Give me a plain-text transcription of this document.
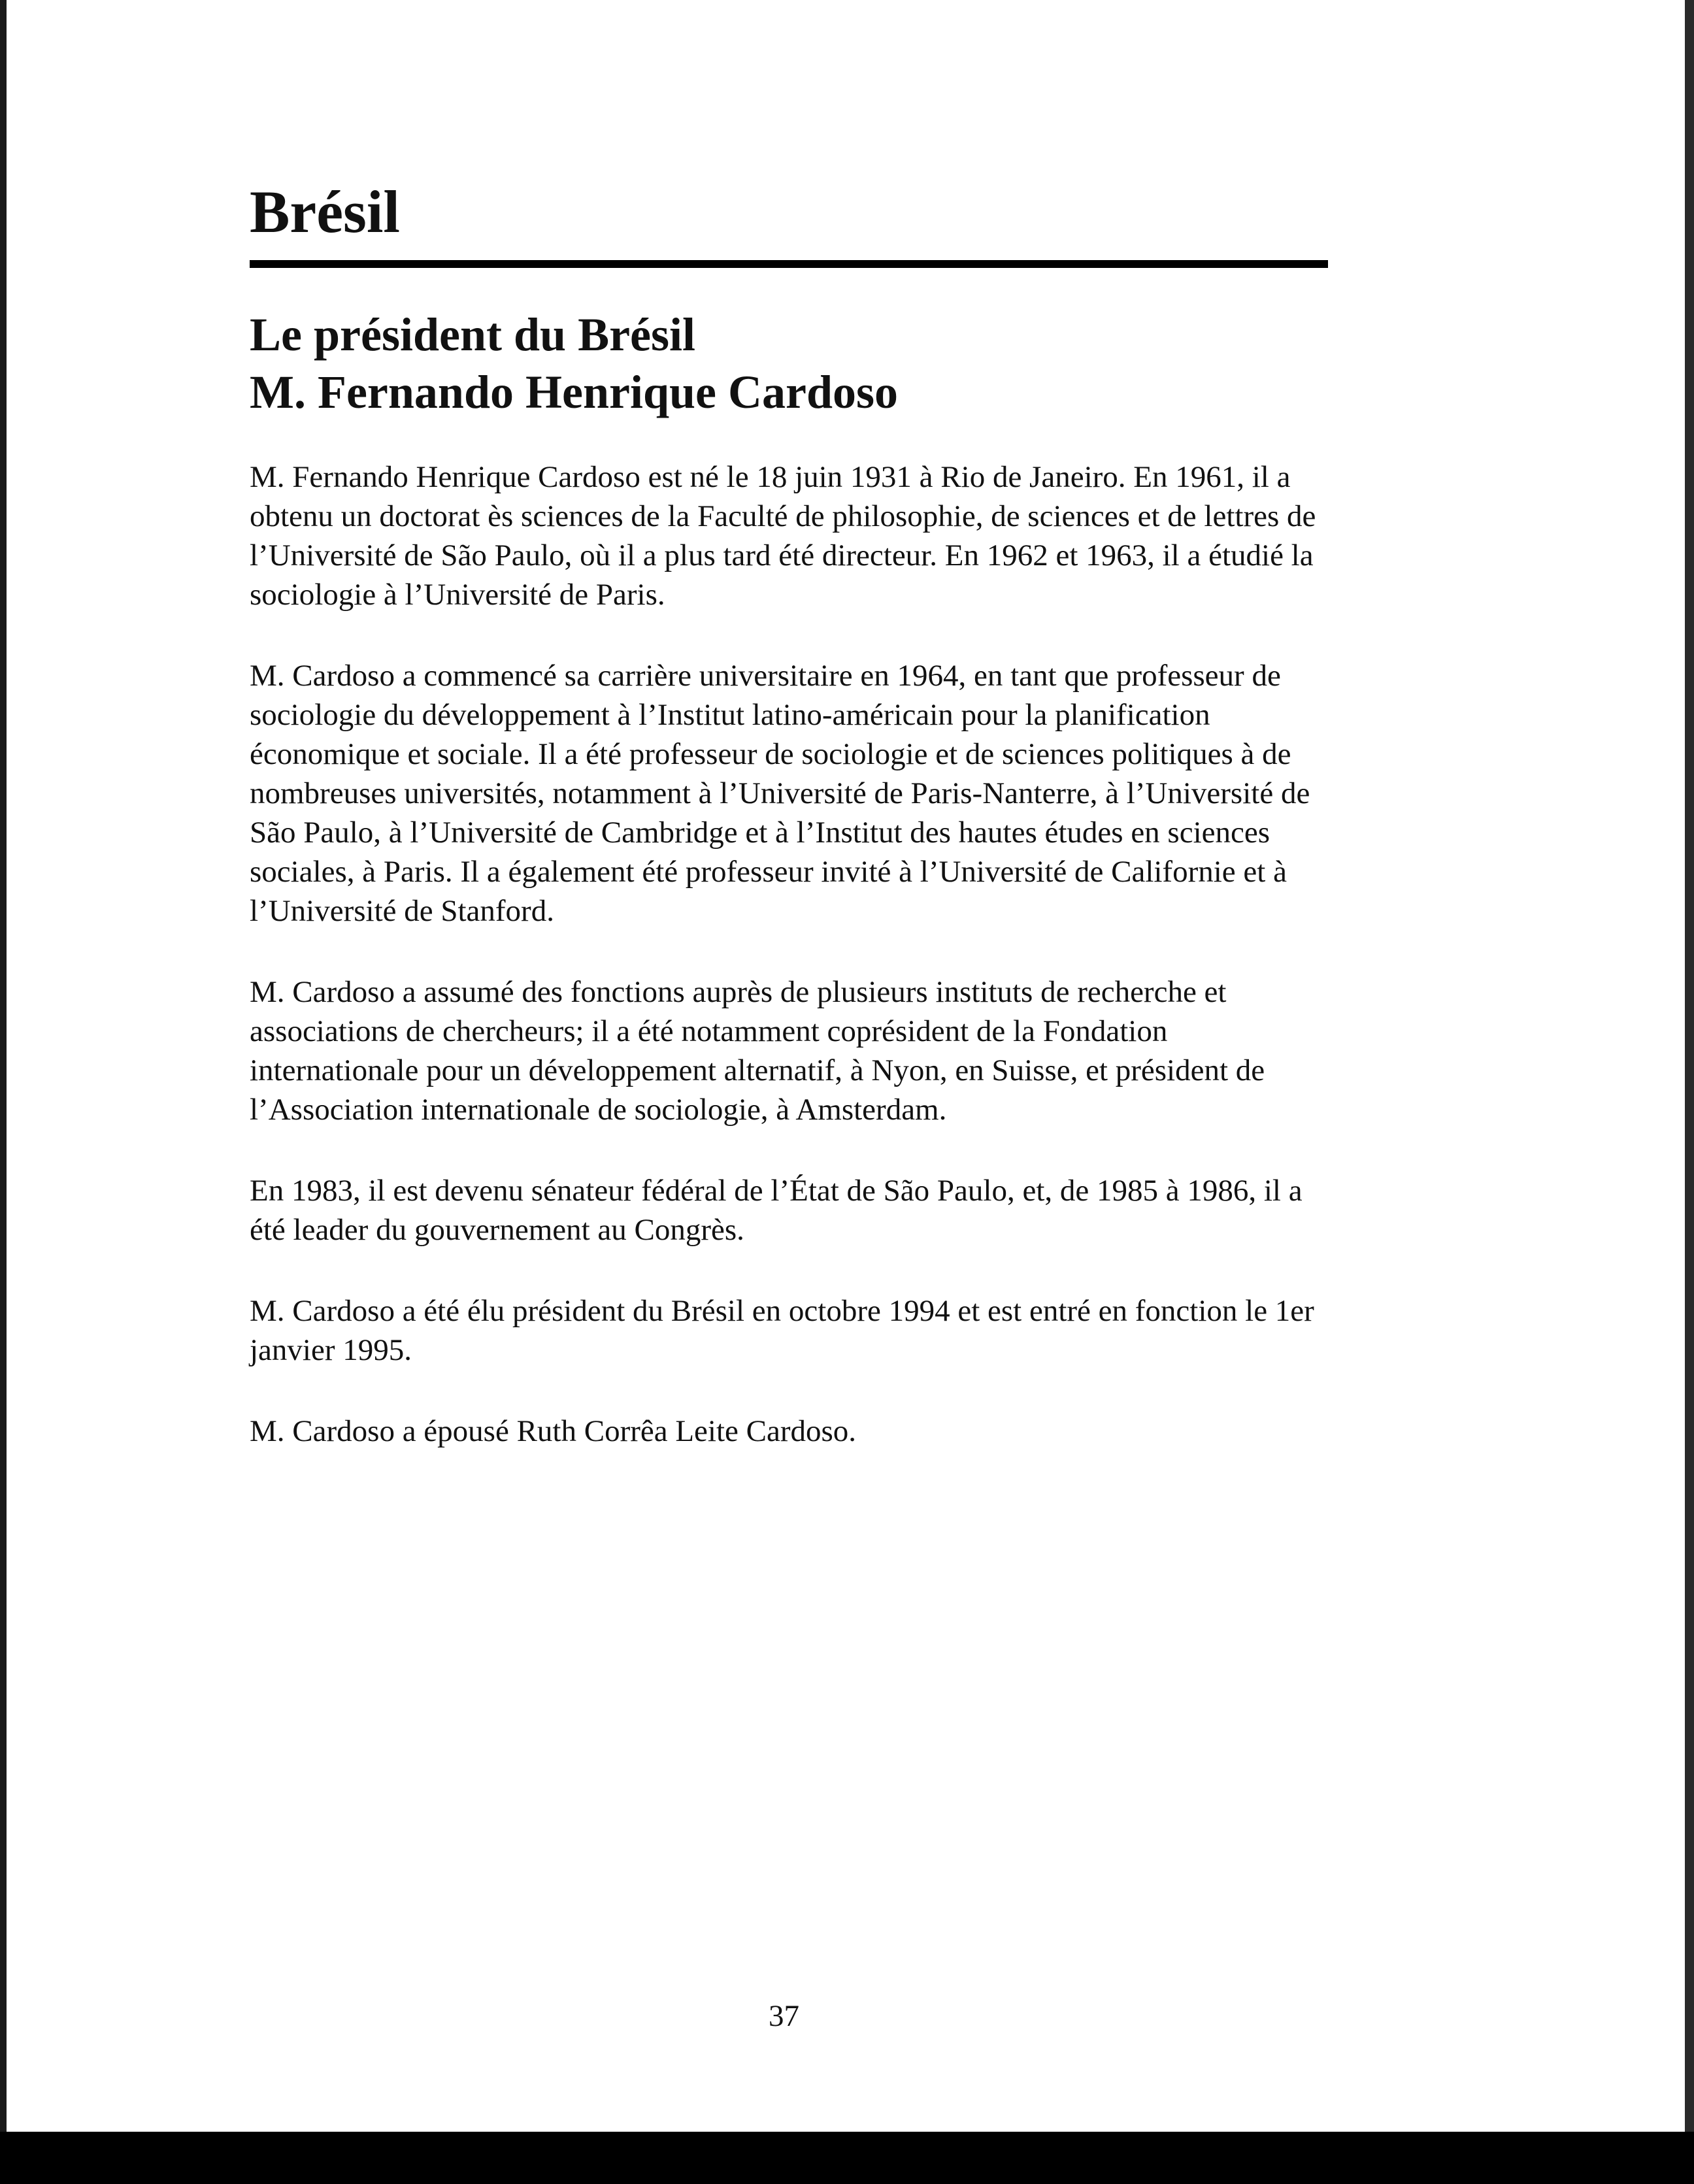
Brésil
Le président du Brésil
M. Fernando Henrique Cardoso

M. Fernando Henrique Cardoso est né le 18 juin 1931 à Rio de Janeiro. En 1961, il a obtenu un doctorat ès sciences de la Faculté de philosophie, de sciences et de lettres de l’Université de São Paulo, où il a plus tard été directeur. En 1962 et 1963, il a étudié la sociologie à l’Université de Paris.

M. Cardoso a commencé sa carrière universitaire en 1964, en tant que professeur de sociologie du développement à l’Institut latino-américain pour la planification économique et sociale. Il a été professeur de sociologie et de sciences politiques à de nombreuses universités, notamment à l’Université de Paris-Nanterre, à l’Université de São Paulo, à l’Université de Cambridge et à l’Institut des hautes études en sciences sociales, à Paris. Il a également été professeur invité à l’Université de Californie et à l’Université de Stanford.

M. Cardoso a assumé des fonctions auprès de plusieurs instituts de recherche et associations de chercheurs; il a été notamment coprésident de la Fondation internationale pour un développement alternatif, à Nyon, en Suisse, et président de l’Association internationale de sociologie, à Amsterdam.

En 1983, il est devenu sénateur fédéral de l’État de São Paulo, et, de 1985 à 1986, il a été leader du gouvernement au Congrès.

M. Cardoso a été élu président du Brésil en octobre 1994 et est entré en fonction le 1er janvier 1995.

M. Cardoso a épousé Ruth Corrêa Leite Cardoso.

37
